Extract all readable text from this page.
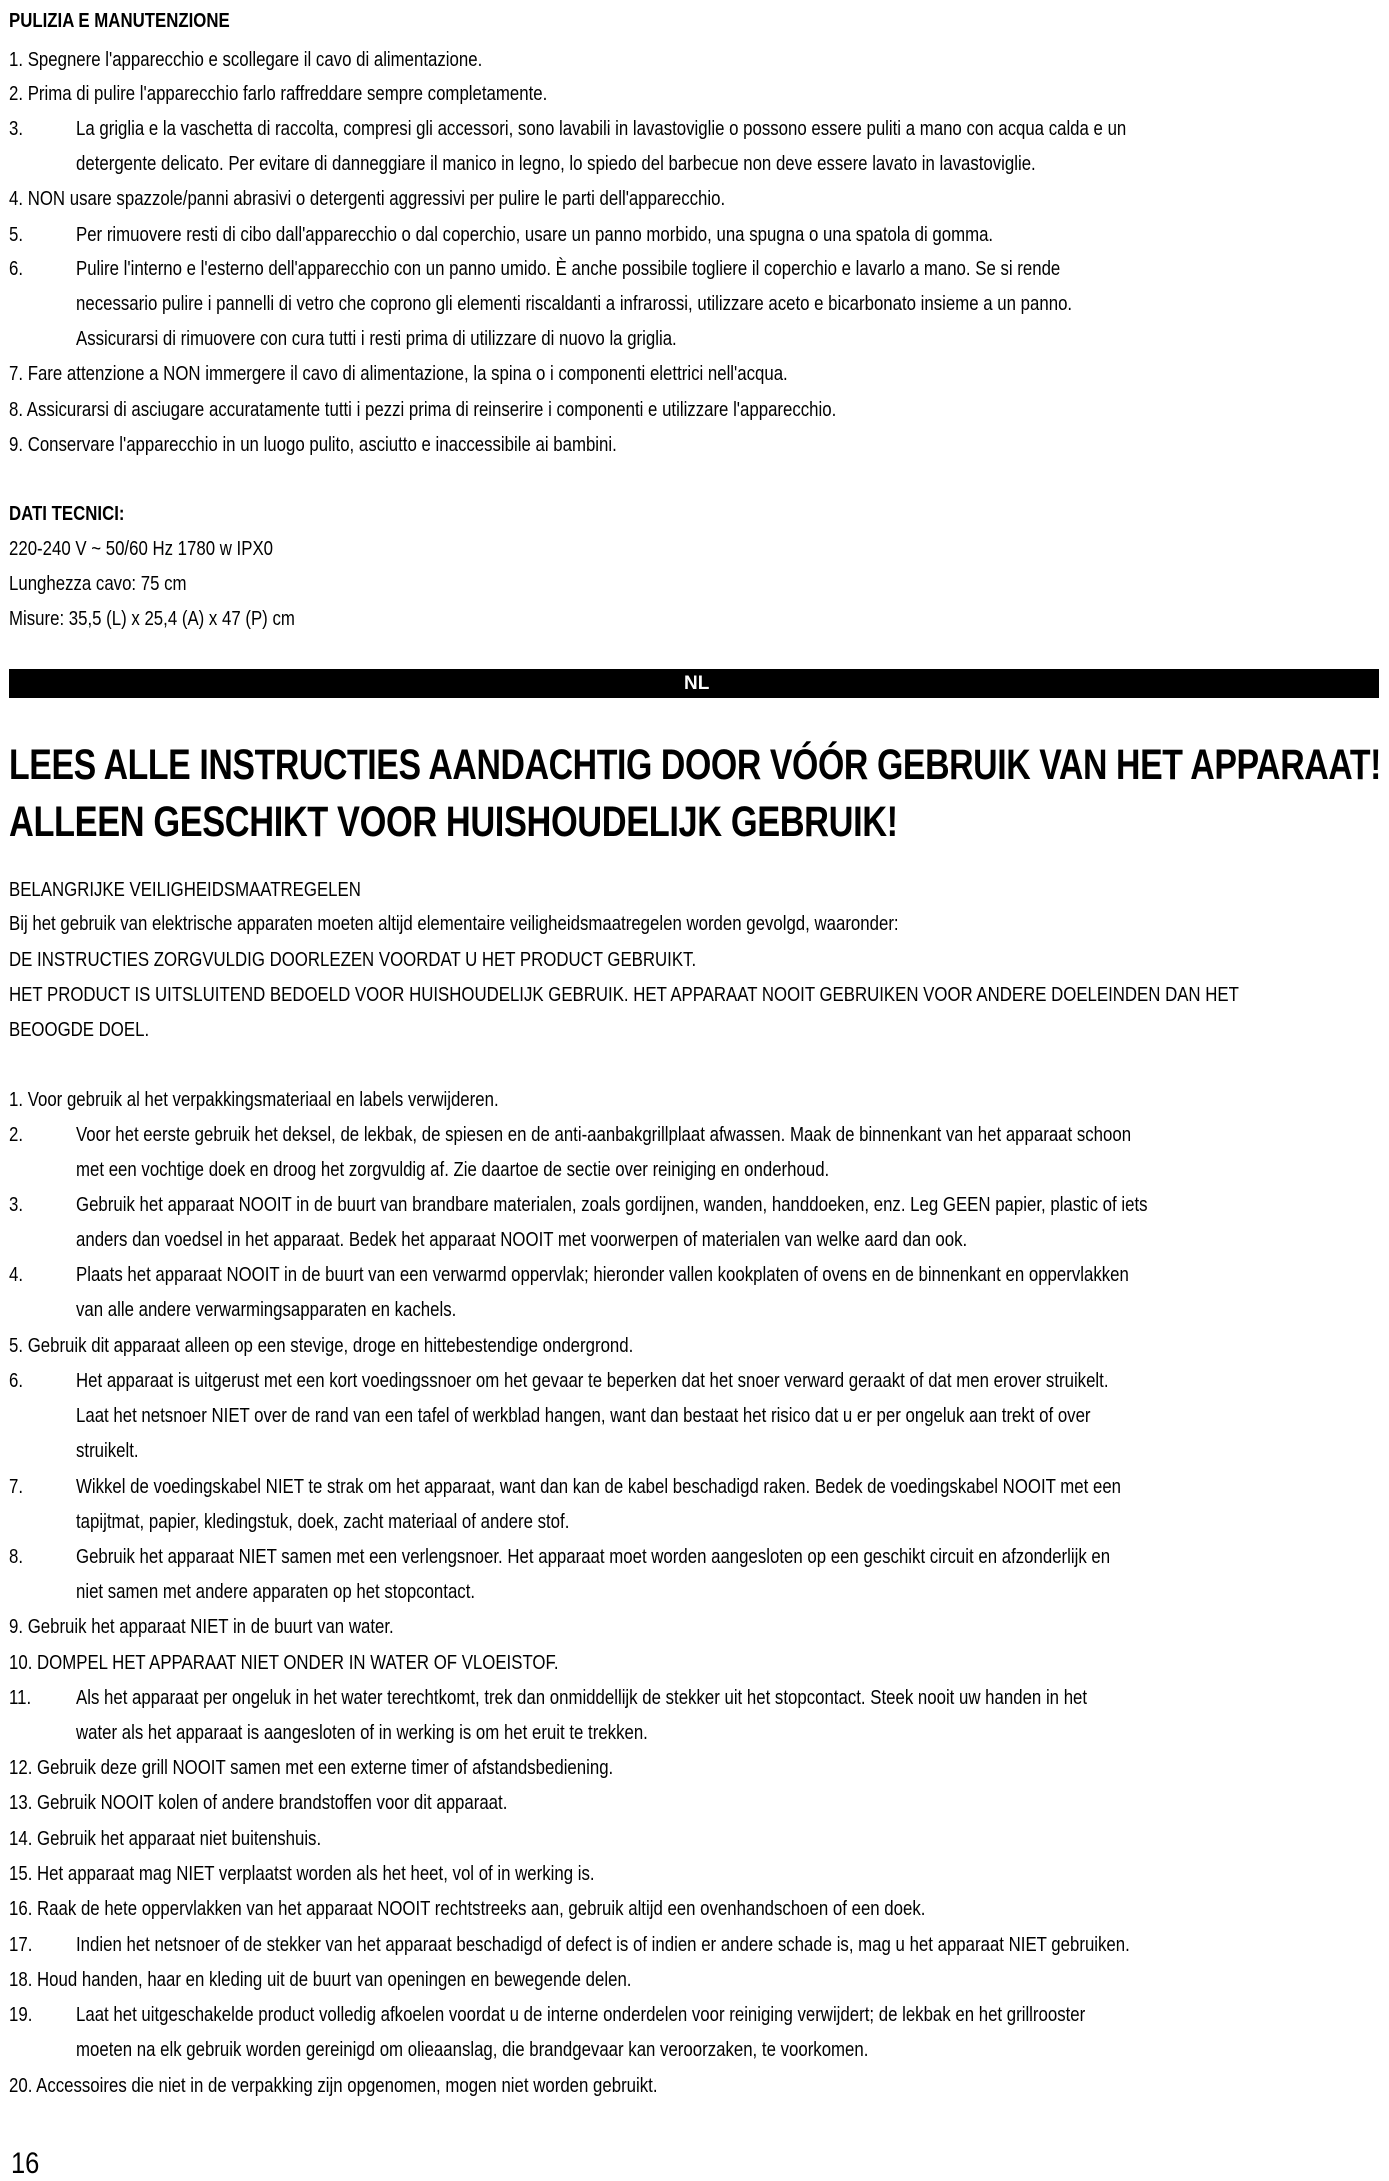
PULIZIA E MANUTENZIONE
1. Spegnere l'apparecchio e scollegare il cavo di alimentazione.
2. Prima di pulire l'apparecchio farlo raffreddare sempre completamente.
3.	La griglia e la vaschetta di raccolta, compresi gli accessori, sono lavabili in lavastoviglie o possono essere puliti a mano con acqua calda e un
detergente delicato. Per evitare di danneggiare il manico in legno, lo spiedo del barbecue non deve essere lavato in lavastoviglie.
4. NON usare spazzole/panni abrasivi o detergenti aggressivi per pulire le parti dell'apparecchio.
5.	Per rimuovere resti di cibo dall'apparecchio o dal coperchio, usare un panno morbido, una spugna o una spatola di gomma.
6.	Pulire l'interno e l'esterno dell'apparecchio con un panno umido. È anche possibile togliere il coperchio e lavarlo a mano. Se si rende
necessario pulire i pannelli di vetro che coprono gli elementi riscaldanti a infrarossi, utilizzare aceto e bicarbonato insieme a un panno.
Assicurarsi di rimuovere con cura tutti i resti prima di utilizzare di nuovo la griglia.
7. Fare attenzione a NON immergere il cavo di alimentazione, la spina o i componenti elettrici nell'acqua.
8. Assicurarsi di asciugare accuratamente tutti i pezzi prima di reinserire i componenti e utilizzare l'apparecchio.
9. Conservare l'apparecchio in un luogo pulito, asciutto e inaccessibile ai bambini.
DATI TECNICI:
220-240 V ~ 50/60 Hz 1780 w IPX0
Lunghezza cavo: 75 cm
Misure: 35,5 (L) x 25,4 (A) x 47 (P) cm
NL
LEES ALLE INSTRUCTIES AANDACHTIG DOOR VÓÓR GEBRUIK VAN HET APPARAAT!
ALLEEN GESCHIKT VOOR HUISHOUDELIJK GEBRUIK!
BELANGRIJKE VEILIGHEIDSMAATREGELEN
Bij het gebruik van elektrische apparaten moeten altijd elementaire veiligheidsmaatregelen worden gevolgd, waaronder:
DE INSTRUCTIES ZORGVULDIG DOORLEZEN VOORDAT U HET PRODUCT GEBRUIKT.
HET PRODUCT IS UITSLUITEND BEDOELD VOOR HUISHOUDELIJK GEBRUIK. HET APPARAAT NOOIT GEBRUIKEN VOOR ANDERE DOELEINDEN DAN HET
BEOOGDE DOEL.
1. Voor gebruik al het verpakkingsmateriaal en labels verwijderen.
2.	Voor het eerste gebruik het deksel, de lekbak, de spiesen en de anti-aanbakgrillplaat afwassen. Maak de binnenkant van het apparaat schoon
met een vochtige doek en droog het zorgvuldig af. Zie daartoe de sectie over reiniging en onderhoud.
3.	Gebruik het apparaat NOOIT in de buurt van brandbare materialen, zoals gordijnen, wanden, handdoeken, enz. Leg GEEN papier, plastic of iets
anders dan voedsel in het apparaat. Bedek het apparaat NOOIT met voorwerpen of materialen van welke aard dan ook.
4.	Plaats het apparaat NOOIT in de buurt van een verwarmd oppervlak; hieronder vallen kookplaten of ovens en de binnenkant en oppervlakken
van alle andere verwarmingsapparaten en kachels.
5. Gebruik dit apparaat alleen op een stevige, droge en hittebestendige ondergrond.
6.	Het apparaat is uitgerust met een kort voedingssnoer om het gevaar te beperken dat het snoer verward geraakt of dat men erover struikelt.
Laat het netsnoer NIET over de rand van een tafel of werkblad hangen, want dan bestaat het risico dat u er per ongeluk aan trekt of over
struikelt.
7.	Wikkel de voedingskabel NIET te strak om het apparaat, want dan kan de kabel beschadigd raken. Bedek de voedingskabel NOOIT met een
tapijtmat, papier, kledingstuk, doek, zacht materiaal of andere stof.
8.	Gebruik het apparaat NIET samen met een verlengsnoer. Het apparaat moet worden aangesloten op een geschikt circuit en afzonderlijk en
niet samen met andere apparaten op het stopcontact.
9. Gebruik het apparaat NIET in de buurt van water.
10. DOMPEL HET APPARAAT NIET ONDER IN WATER OF VLOEISTOF.
11. Als het apparaat per ongeluk in het water terechtkomt, trek dan onmiddellijk de stekker uit het stopcontact. Steek nooit uw handen in het
water als het apparaat is aangesloten of in werking is om het eruit te trekken.
12. Gebruik deze grill NOOIT samen met een externe timer of afstandsbediening.
13. Gebruik NOOIT kolen of andere brandstoffen voor dit apparaat.
14. Gebruik het apparaat niet buitenshuis.
15. Het apparaat mag NIET verplaatst worden als het heet, vol of in werking is.
16. Raak de hete oppervlakken van het apparaat NOOIT rechtstreeks aan, gebruik altijd een ovenhandschoen of een doek.
17. Indien het netsnoer of de stekker van het apparaat beschadigd of defect is of indien er andere schade is, mag u het apparaat NIET gebruiken.
18. Houd handen, haar en kleding uit de buurt van openingen en bewegende delen.
19. Laat het uitgeschakelde product volledig afkoelen voordat u de interne onderdelen voor reiniging verwijdert; de lekbak en het grillrooster
moeten na elk gebruik worden gereinigd om olieaanslag, die brandgevaar kan veroorzaken, te voorkomen.
20. Accessoires die niet in de verpakking zijn opgenomen, mogen niet worden gebruikt.
16
